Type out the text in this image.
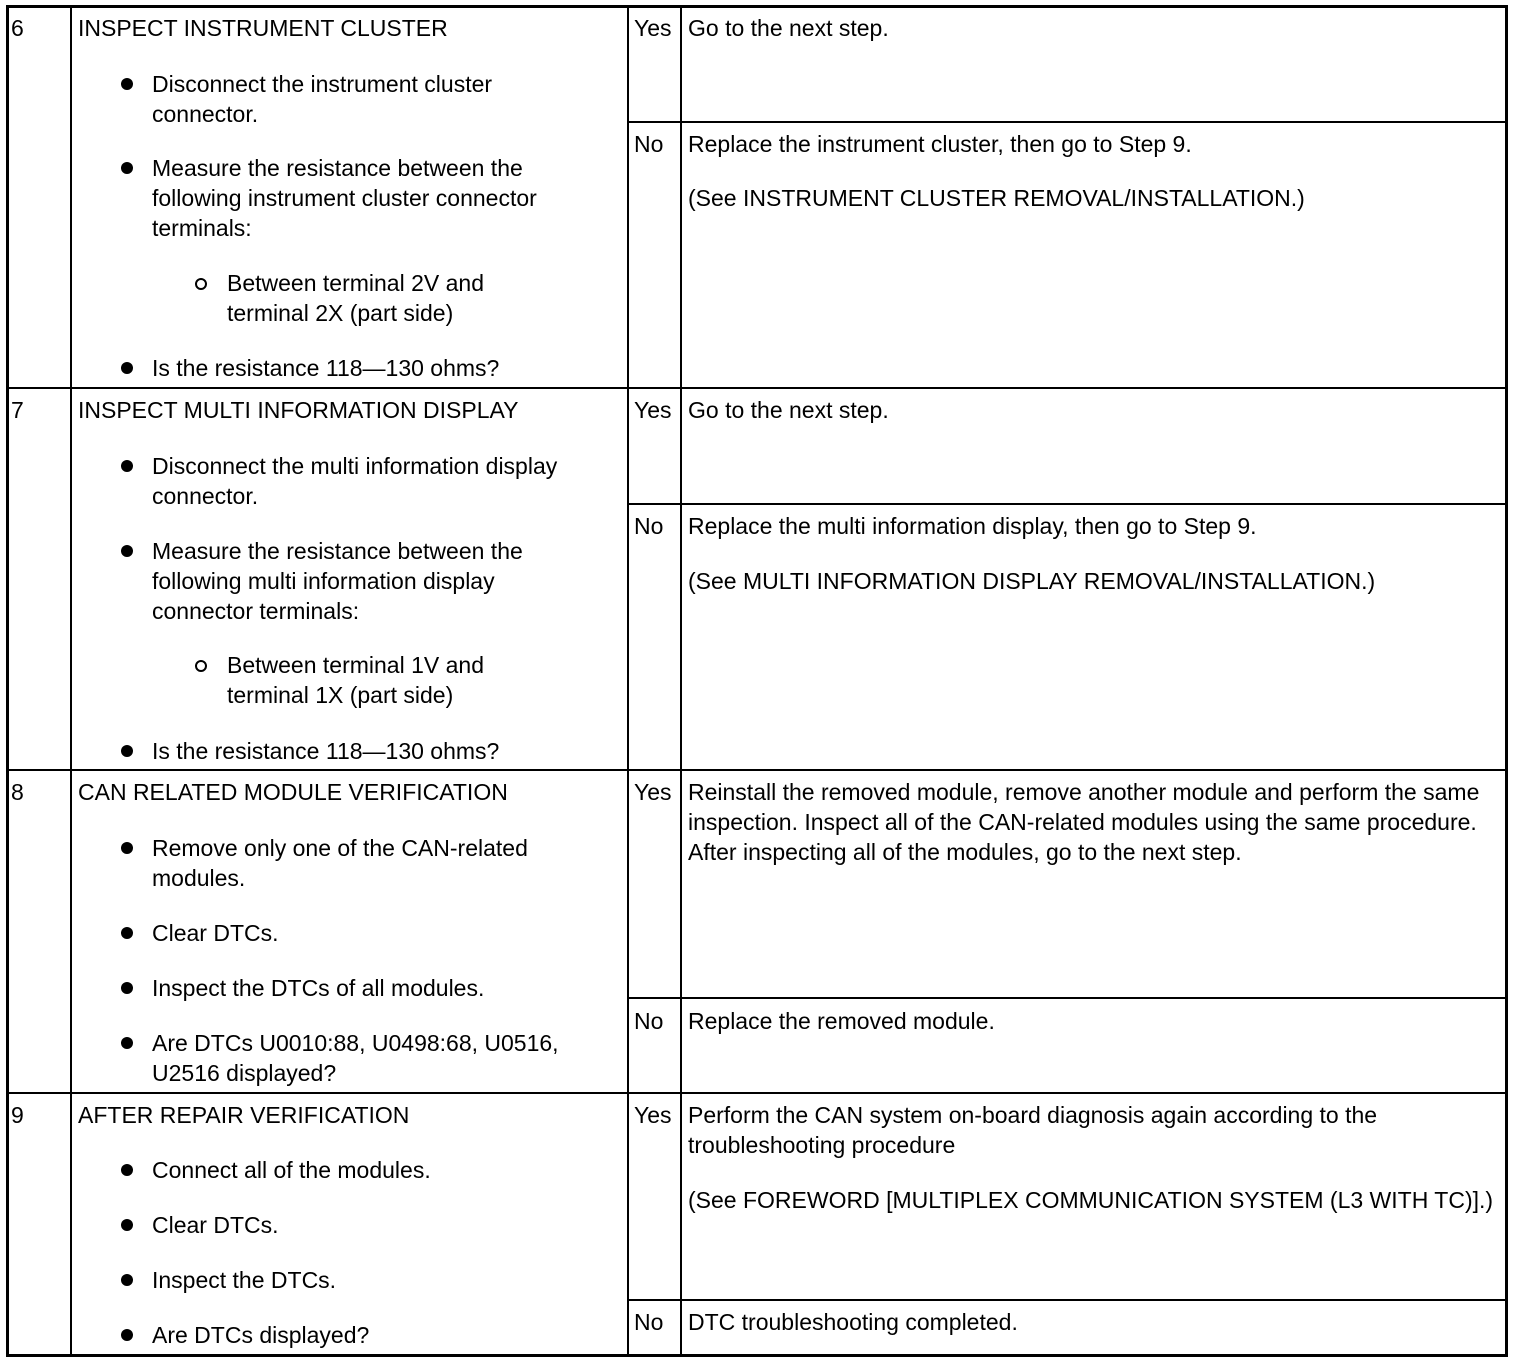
6 INSPECT INSTRUMENT CLUSTER
Disconnect the instrument cluster connector.
Measure the resistance between the following instrument cluster connector terminals:
Between terminal 2V and terminal 2X (part side)
Is the resistance 118—130 ohms?
Yes Go to the next step.
No Replace the instrument cluster, then go to Step 9.
(See INSTRUMENT CLUSTER REMOVAL/INSTALLATION.)
7 INSPECT MULTI INFORMATION DISPLAY
Disconnect the multi information display connector.
Measure the resistance between the following multi information display connector terminals:
Between terminal 1V and terminal 1X (part side)
Is the resistance 118—130 ohms?
Yes Go to the next step.
No Replace the multi information display, then go to Step 9.
(See MULTI INFORMATION DISPLAY REMOVAL/INSTALLATION.)
8 CAN RELATED MODULE VERIFICATION
Remove only one of the CAN-related modules.
Clear DTCs.
Inspect the DTCs of all modules.
Are DTCs U0010:88, U0498:68, U0516, U2516 displayed?
Yes Reinstall the removed module, remove another module and perform the same inspection. Inspect all of the CAN-related modules using the same procedure. After inspecting all of the modules, go to the next step.
No Replace the removed module.
9 AFTER REPAIR VERIFICATION
Connect all of the modules.
Clear DTCs.
Inspect the DTCs.
Are DTCs displayed?
Yes Perform the CAN system on-board diagnosis again according to the troubleshooting procedure
(See FOREWORD [MULTIPLEX COMMUNICATION SYSTEM (L3 WITH TC)].)
No DTC troubleshooting completed.
